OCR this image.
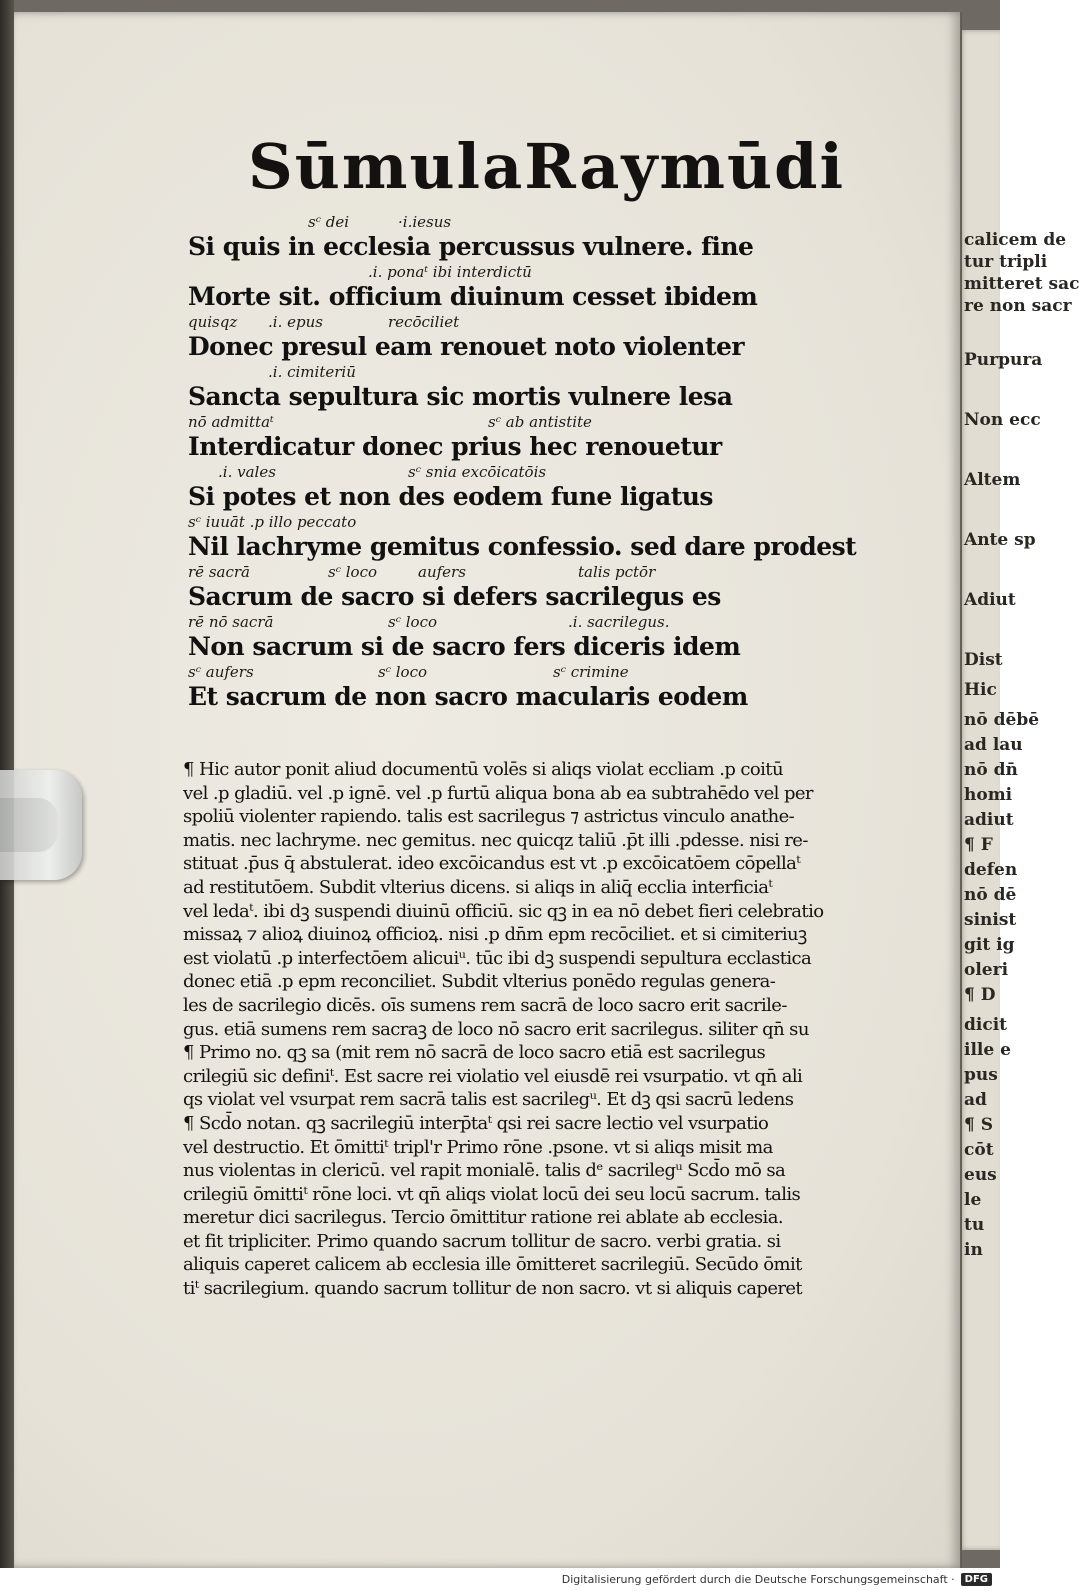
calicem de
tur tripli
mitteret sac
re non sacr
Purpura
Non ecc
Altem
Ante sp
Adiut
Dist
Hic
nō dēbē
ad lau
nō dn̄
homi
adiut
¶ F
defen
nō dē
sinist
git ig
oleri
¶ D
dicit
ille e
pus
ad
¶ S
cōt
eus
le
tu
in
Sūmula Raymūdi
sᶜ dei	·i.iesus
Si quis in ecclesia percussus vulnere. fine
.i. ponaᵗ ibi interdictū
Morte sit. officium diuinum cesset ibidem
quisqz .i. epus	recōciliet
Donec presul eam renouet noto violenter
.i. cimiteriū
Sancta sepultura sic mortis vulnere lesa
nō admittaᵗ	sᶜ ab antistite
Interdicatur donec prius hec renouetur
.i. vales	sᶜ snia excōicatōis
Si potes et non des eodem fune ligatus
sᶜ iuuāt .p illo peccato
Nil lachryme gemitus confessio. sed dare prodest
rē sacrā	sᶜ loco	aufers	talis pctōr
Sacrum de sacro si defers sacrilegus es
rē nō sacrā	sᶜ loco	.i. sacrilegus.
Non sacrum si de sacro fers diceris idem
sᶜ aufers	sᶜ loco	sᶜ crimine
Et sacrum de non sacro macularis eodem
¶ Hic autor ponit aliud documentū volēs si aliqs violat eccliam .p coitū
vel .p gladiū. vel .p ignē. vel .p furtū aliqua bona ab ea subtrahēdo vel per
spoliū violenter rapiendo. talis est sacrilegus ⁊ astrictus vinculo anathe-
matis. nec lachryme. nec gemitus. nec quicqz taliū .p̄t illi .pdesse. nisi re-
stituat .p̄us q̄ abstulerat. ideo excōicandus est vt .p excōicatōem cōpellaᵗ
ad restitutōem. Subdit vlterius dicens. si aliqs in aliq̄ ecclia interficiaᵗ
vel ledaᵗ. ibi dꝫ suspendi diuinū officiū. sic qꝫ in ea nō debet fieri celebratio
missaꝝ ⁊ alioꝝ diuinoꝝ officioꝝ. nisi .p dn̄m epm recōciliet. et si cimiteriuꝫ
est violatū .p interfectōem alicuiᵘ. tūc ibi dꝫ suspendi sepultura ecclastica
donec etiā .p epm reconciliet. Subdit vlterius ponēdo regulas genera-
les de sacrilegio dicēs. oīs sumens rem sacrā de loco sacro erit sacrile-
gus. etiā sumens rem sacraꝫ de loco nō sacro erit sacrilegus. siliter qn̄ su
¶ Primo no. qꝫ sa (mit rem nō sacrā de loco sacro etiā est sacrilegus
crilegiū sic definiᵗ. Est sacre rei violatio vel eiusdē rei vsurpatio. vt qn̄ ali
qs violat vel vsurpat rem sacrā talis est sacrilegᵘ. Et dꝫ qsi sacrū ledens
¶ Scd̄o notan. qꝫ sacrilegiū interp̄taᵗ qsi rei sacre lectio vel vsurpatio
vel destructio. Et ōmittiᵗ tripl'r Primo rōne .psone. vt si aliqs misit ma
nus violentas in clericū. vel rapit monialē. talis dᵉ sacrilegᵘ Scd̄o mō sa
crilegiū ōmittiᵗ rōne loci. vt qn̄ aliqs violat locū dei seu locū sacrum. talis
meretur dici sacrilegus. Tercio ōmittitur ratione rei ablate ab ecclesia.
et fit tripliciter. Primo quando sacrum tollitur de sacro. verbi gratia. si
aliquis caperet calicem ab ecclesia ille ōmitteret sacrilegiū. Secūdo ōmit
tiᵗ sacrilegium. quando sacrum tollitur de non sacro. vt si aliquis caperet
Digitalisierung gefördert durch die Deutsche Forschungsgemeinschaft ·	DFG
